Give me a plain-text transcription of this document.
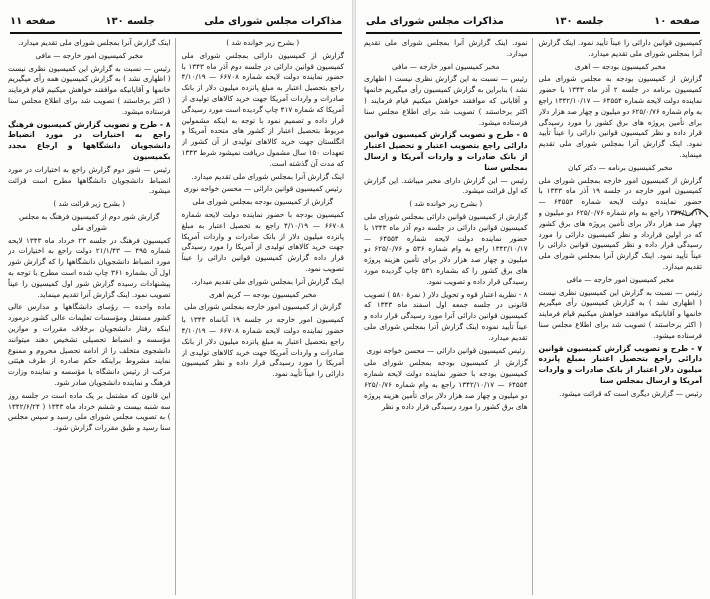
مذاکرات مجلس شورای ملی
جلسه ۱۳۰
صفحه ۱۱

( بشرح زیر خوانده شد )

گزارش از کمیسیون دارائی بمجلس شورای ملی کمیسیون قوانین دارائی در جلسه دوم آذر ماه ۱۳۴۳ با حضور نماینده دولت لایحه شماره ۶۶۷۰۸ — ۴/۱۰/۱۹ راجع بتحصیل اعتبار به مبلغ پانزده میلیون دلار از بانک صادرات و واردات آمریکا جهت خرید کالاهای تولیدی از آمریکا که شماره ۴۱۷ چاپ گردیده است مورد رسیدگی قرار داده و تصمیم نمود با توجه به اینکه مشمولین مربوط بتحصیل اعتبار از کشور های متحده آمریکا و انگلستان جهت خرید کالاهای تولیدی از آن کشور از تعهدات ۱۵۰ سال مشمول دریافت نمیشود شرط ۱۳۴۳ که مدت آن گذشته است.

اینک گزارش آنرا بمجلس شورای ملی تقدیم میدارد.

رئیس کمیسیون قوانین دارائی — محسن خواجه نوری

گزارش از کمیسیون بودجه بمجلس شورای ملی

کمیسیون بودجه با حضور نماینده دولت لایحه شماره ۶۶۷۰۸ — ۴/۱۰/۱۹ راجع به تحصیل اعتبار به مبلغ پانزده میلیون دلار از بانک صادرات و واردات آمریکا جهت خرید کالاهای تولیدی از آمریکا را مورد رسیدگی قرار داده گزارش کمیسیون قوانین دارائی را عیناً تصویب نمود.

اینک گزارش آنرا بمجلس شورای ملی تقدیم میدارد.

مخبر کمیسیون بودجه — کریم اهری

گزارش از کمیسیون امور خارجه بمجلس شورای ملی

کمیسیون امور خارجه در جلسه ۱۹ آبانماه ۱۳۴۳ با حضور نماینده دولت لایحه شماره ۶۶۷۰۸ — ۴/۱۰/۱۹ راجع بتحصیل اعتبار به مبلغ پانزده میلیون دلار از بانک صادرات و واردات آمریکا جهت خرید کالاهای تولیدی از آمریکا را مورد رسیدگی قرار داده و نظر کمیسیون دارائی را عیناً تأیید نمود.

اینک گزارش آنرا بمجلس شورای ملی تقدیم میدارد.

مخبر کمیسیون امور خارجه — مافی

رئیس — نسبت به گزارش این کمیسیون نظری نیست ( اظهاری نشد ) به گزارش کمیسیون همه رأی میگیریم خانمها و آقایانیکه موافقند خواهش میکنیم قیام فرمایند ( اکثر برخاستند ) تصویب شد برای اطلاع مجلس سنا فرستاده میشود.

۸ - طرح و تصویب گزارش کمیسیون فرهنگ راجع به اختیارات در مورد انضباط دانشجویان دانشگاهها و ارجاع مجدد بکمیسیون

رئیس — شور دوم گزارش راجع به اختیارات در مورد انضباط دانشجویان دانشگاهها مطرح است قرائت میشود.

( بشرح زیر قرائت شد )

گزارش شور دوم از کمیسیون فرهنگ به مجلس شورای ملی

کمیسیون فرهنگ در جلسه ۲۳ خرداد ماه ۱۳۴۳ لایحه شماره ۴۹۵ — ۲۱/۱/۴۳ دولت راجع به اختیارات در مورد انضباط دانشجویان دانشگاهها را که گزارش شور اول آن بشماره ۳۶۱ چاپ شده است مطرح با توجه به پیشنهادات رسیده گزارش شور اول کمیسیون را عیناً تصویب نمود. اینک گزارش آنرا تقدیم مینماید.

ماده واحده — رؤسای دانشگاهها و مدارس عالی کشور مستقل ومؤسسات تعلیمات عالی کشور درمورد اینکه رفتار دانشجویان برخلاف مقررات و موازین مؤسسه و انضباط تحصیلی تشخیص دهند میتوانند دانشجوی متخلف را از ادامه تحصیل محروم و ممنوع نمایند مشروط براینکه حکم صادره از طرف هیئتی مرکب از رئیس دانشگاه یا مؤسسه و نماینده وزارت فرهنگ و نماینده دانشجویان صادر شود.

این قانون که مشتمل بر یک ماده است در جلسه روز سه شنبه بیست و ششم خرداد ماه ۱۳۴۳ ( ۱۳۴۲/۶/۲۴ ) به تصویب مجلس شورای ملی رسید و سپس مجلس سنا رسید و طبق مقررات گزارش شود.

صفحه ۱۰
جلسه ۱۳۰
مذاکرات مجلس شورای ملی

کمیسیون قوانین دارائی را عیناً تأیید نمود. اینک گزارش آنرا بمجلس شورای ملی تقدیم میدارد.

مخبر کمیسیون بودجه — اهری

گزارش از کمیسیون بودجه به مجلس شورای ملی کمیسیون برنامه در جلسه ۲ آذر ماه ۱۳۴۳ با حضور نماینده دولت لایحه شماره ۶۴۵۵۴ — ۱۳۴۲/۱۰/۱۷ راجع به وام شماره ۶۲۵/۰/۷۶ دو میلیون و چهار صد هزار دلار برای تأمین پروژه های برق کشور را مورد رسیدگی قرار داده و نظر کمیسیون قوانین دارائی را عیناً تأیید نمود. اینک گزارش آنرا بمجلس شورای ملی تقدیم مینماید.

مخبر کمیسیون برنامه — دکتر کیان

گزارش از کمیسیون امور خارجه بمجلس شورای ملی کمیسیون امور خارجه در جلسه ۱۹ آذر ماه ۱۳۴۳ با حضور نماینده دولت لایحه شماره ۶۴۵۵۴ — ۱۳۴۲/۱۰/۱۷ راجع به وام شماره ۶۲۵/۰/۷۶ دو میلیون و چهار صد هزار دلار برای تأمین پروژه های برق کشور که در اولین قرارداد و نظر کمیسیون دارائی را مورد رسیدگی قرار داده و نظر کمیسیون قوانین دارائی را عیناً تأیید نمود. اینک گزارش آنرا بمجلس شورای ملی تقدیم میدارد.

مخبر کمیسیون امور خارجه — مافی

رئیس — نسبت به گزارش این کمیسیون نظری نیست ( اظهاری نشد ) به گزارش کمیسیون رأی میگیریم خانمها و آقایانیکه موافقند خواهش میکنیم قیام فرمایند ( اکثر برخاستند ) تصویب شد برای اطلاع مجلس سنا فرستاده میشود.

۷ - طرح و تصویب گزارش کمیسیون قوانین دارائی راجع بتحصیل اعتبار بمبلغ پانزده میلیون دلار اعتبار از بانک صادرات و واردات آمریکا و ارسال بمجلس سنا

رئیس — گزارش دیگری است که قرائت میشود.

نمود. اینک گزارش آنرا بمجلس شورای ملی تقدیم میدارد.

مخبر کمیسیون امور خارجه — مافی

رئیس — نسبت به این گزارش نظری نیست ( اظهاری نشد ) بنابراین به گزارش کمیسیون رأی میگیریم خانمها و آقایانی که موافقند خواهش میکنیم قیام فرمایند ( اکثر برخاستند ) تصویب شد برای اطلاع مجلس سنا فرستاده میشود.

۵ - طرح و تصویب گزارش کمیسیون قوانین دارائی راجع بتصویب اعتبار و تحصیل اعتبار از بانک صادرات و واردات آمریکا و ارسال بمجلس سنا

رئیس — این گزارش دارای مخبر میباشد. این گزارش که اول قرائت میشود.

( بشرح زیر خوانده شد )

گزارش از کمیسیون قوانین دارائی بمجلس شورای ملی کمیسیون قوانین دارائی در جلسه دوم آذر ماه ۱۳۴۳ با حضور نماینده دولت لایحه شماره ۶۴۵۵۴ — ۱۳۴۲/۱۰/۱۷ راجع به وام شماره ۵۳۶ و ۶۲۵/۰/۷۶ دو میلیون و چهار صد هزار دلار برای تأمین هزینه پروژه های برق کشور را که بشماره ۵۳۱ چاپ گردیده مورد رسیدگی قرار داده و تصویب نمود.

۸ - نظریه اعتبار قوه و تحویل دلار ( نمرهٔ ۵۸۰ ) تصویب قانونی در جلسه جمعه اول اسفند ماه ۱۳۴۳ که کمیسیون قوانین دارائی آنرا مورد رسیدگی قرار داده و عیناً تأیید نموده اینک گزارش آنرا بمجلس شورای ملی تقدیم میدارد.

رئیس کمیسیون قوانین دارائی — محسن خواجه نوری

گزارش از کمیسیون بودجه بمجلس شورای ملی کمیسیون بودجه با حضور نماینده دولت لایحه شماره ۶۴۵۵۴ — ۱۳۴۲/۱۰/۱۷ راجع به وام شماره ۶۲۵/۰/۷۶ دو میلیون و چهار صد هزار دلار برای تأمین هزینه پروژه های برق کشور را مورد رسیدگی قرار داده و نظر
